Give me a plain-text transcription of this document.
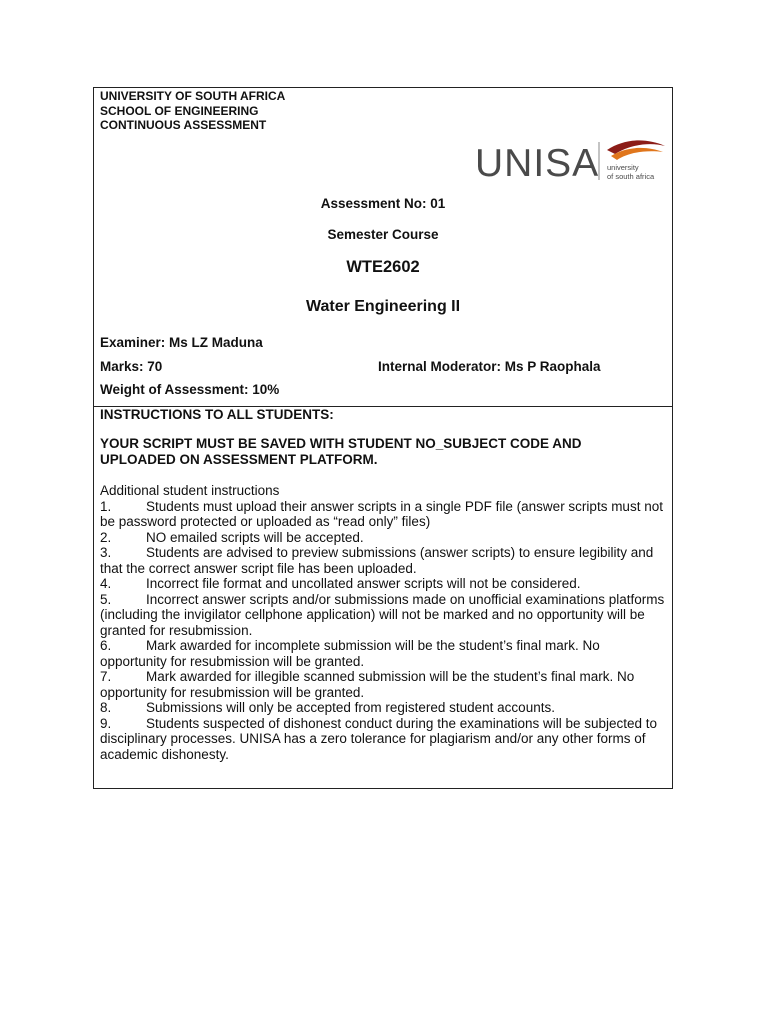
UNIVERSITY OF SOUTH AFRICA
SCHOOL OF ENGINEERING
CONTINUOUS ASSESSMENT
UNISA university
of south africa
Assessment No: 01
Semester Course
WTE2602
Water Engineering II
Examiner: Ms LZ Maduna
Marks: 70	Internal Moderator: Ms P Raophala
Weight of Assessment: 10%
INSTRUCTIONS TO ALL STUDENTS:
YOUR SCRIPT MUST BE SAVED WITH STUDENT NO_SUBJECT CODE AND UPLOADED ON ASSESSMENT PLATFORM.

Additional student instructions

1.	Students must upload their answer scripts in a single PDF file (answer scripts must not be password protected or uploaded as “read only” files)

2.	NO emailed scripts will be accepted.

3.	Students are advised to preview submissions (answer scripts) to ensure legibility and that the correct answer script file has been uploaded.

4.	Incorrect file format and uncollated answer scripts will not be considered.

5.	Incorrect answer scripts and/or submissions made on unofficial examinations platforms (including the invigilator cellphone application) will not be marked and no opportunity will be granted for resubmission.

6.	Mark awarded for incomplete submission will be the student’s final mark. No opportunity for resubmission will be granted.

7.	Mark awarded for illegible scanned submission will be the student’s final mark. No opportunity for resubmission will be granted.

8.	Submissions will only be accepted from registered student accounts.

9.	Students suspected of dishonest conduct during the examinations will be subjected to disciplinary processes. UNISA has a zero tolerance for plagiarism and/or any other forms of academic dishonesty.
